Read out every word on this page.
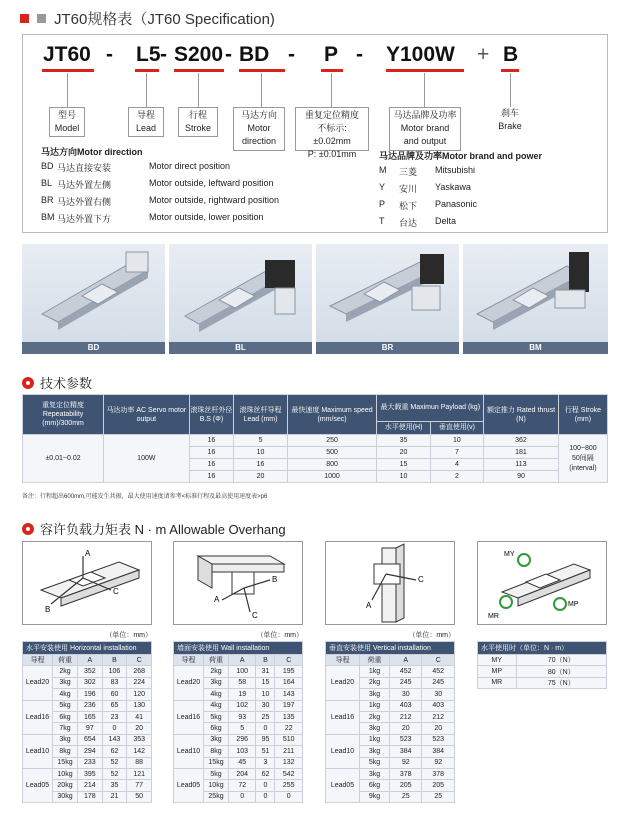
JT60规格表（JT60 Specification)
JT60 - L5 - S200 - BD - P - Y100W + B
型号
Model
导程
Lead
行程
Stroke
马达方向
Motor direction
重复定位精度
不标示: ±0.02mm
P: ±0.01mm
马达品牌及功率
Motor brand and output
刹车
Brake
马达方向Motor direction
BD 马达直接安装	Motor direct position
BL 马达外置左侧	Motor outside, leftward position
BR 马达外置右侧	Motor outside, rightward position
BM 马达外置下方	Motor outside, lower position
马达品牌及功率Motor brand and power
M	三菱	Mitsubishi
Y	安川	Yaskawa
P	松下	Panasonic
T	台达	Delta
BD	BL	BR	BM
技术参数
重复定位精度 Repeatability (mm)/300mm	马达功率 AC Servo motor output	滚珠丝杆外径 B.S (Φ)	滚珠丝杆导程Lead (mm)	最快速度 Maximum speed (mm/sec)	最大载重 Maximun Payload (kg)		额定推力 Rated thrust (N)	行程 Stroke (mm)
					水平使用(H)	垂直使用(v)		
±0.01~0.02	100W	16	5	250	35	10	362	100~800
50间隔
(interval)

		16	10	500	20	7	181	
		16	16	800	15	4	113	
		16	20	1000	10	2	90	
备注：行程超出600mm,可能发生共振，最大使用速度请参考<标准行程及最高使用速度表>p6
容许负载力矩表 N · m Allowable Overhang
A
B
C
A
C
B
A
C
MY
MR
MP
（单位：mm）	（单位：mm）	（单位：mm）
水平安装使用 Horizontal installation				
导程	荷重	A	B	C
Lead20	2kg	352	106	268
	3kg	302	83	224
	4kg	196	60	120
Lead16	5kg	236	65	130
	6kg	165	23	41
	7kg	97	0	20
Lead10	3kg	654	143	353
	8kg	294	62	142
	15kg	233	52	88
Lead05	10kg	395	52	121
	20kg	214	35	77
	30kg	178	21	50
墙面安装使用 Wall installation				
导程	荷重	A	B	C
Lead20	2kg	100	31	195
	3kg	58	15	164
	4kg	19	10	143
Lead16	4kg	102	30	197
	5kg	93	25	135
	6kg	5	0	22
Lead10	3kg	296	95	510
	8kg	103	51	211
	15kg	45	3	132
Lead05	5kg	204	62	542
	10kg	72	0	255
	25kg	0	0	0
垂直安装使用 Vertical installation			
导程	荷重	A	C
Lead20	1kg	452	452
	2kg	245	245
	3kg	30	30
Lead16	1kg	403	403
	2kg	212	212
	3kg	20	20
Lead10	1kg	523	523
	3kg	384	384
	5kg	92	92
Lead05	3kg	378	378
	6kg	205	205
	9kg	25	25
水平使用时（单位：N · m）	
MY	70（N）
MP	80（N）
MR	75（N）
